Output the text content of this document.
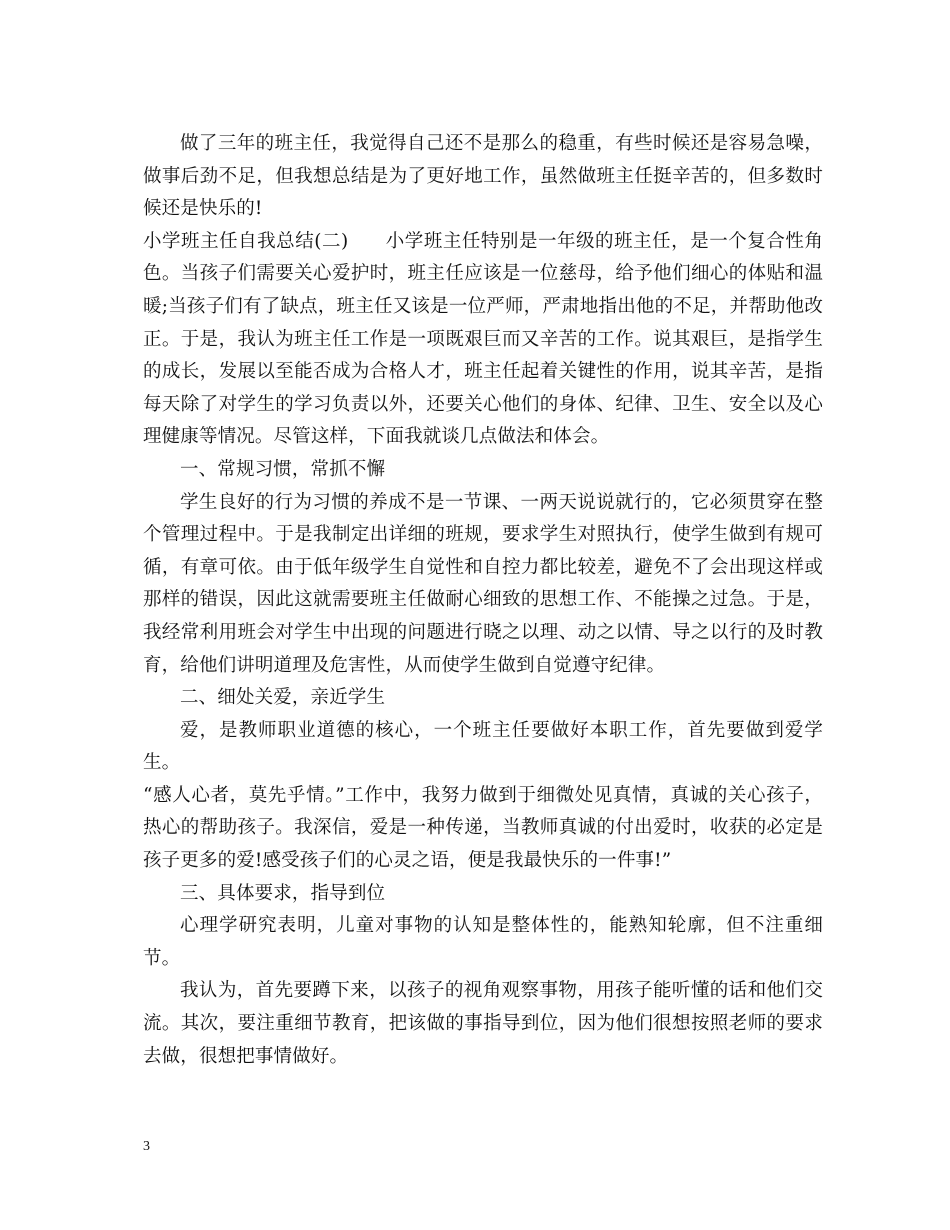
做了三年的班主任，我觉得自己还不是那么的稳重，有些时候还是容易急噪，做事后劲不足，但我想总结是为了更好地工作，虽然做班主任挺辛苦的，但多数时候还是快乐的!

小学班主任自我总结(二) 小学班主任特别是一年级的班主任，是一个复合性角色。当孩子们需要关心爱护时，班主任应该是一位慈母，给予他们细心的体贴和温暖;当孩子们有了缺点，班主任又该是一位严师，严肃地指出他的不足，并帮助他改正。于是，我认为班主任工作是一项既艰巨而又辛苦的工作。说其艰巨，是指学生的成长，发展以至能否成为合格人才，班主任起着关键性的作用，说其辛苦，是指每天除了对学生的学习负责以外，还要关心他们的身体、纪律、卫生、安全以及心理健康等情况。尽管这样，下面我就谈几点做法和体会。

一、常规习惯，常抓不懈

学生良好的行为习惯的养成不是一节课、一两天说说就行的，它必须贯穿在整个管理过程中。于是我制定出详细的班规，要求学生对照执行，使学生做到有规可循，有章可依。由于低年级学生自觉性和自控力都比较差，避免不了会出现这样或那样的错误，因此这就需要班主任做耐心细致的思想工作、不能操之过急。于是，我经常利用班会对学生中出现的问题进行晓之以理、动之以情、导之以行的及时教育，给他们讲明道理及危害性，从而使学生做到自觉遵守纪律。

二、细处关爱，亲近学生

爱，是教师职业道德的核心，一个班主任要做好本职工作，首先要做到爱学生。

“感人心者，莫先乎情。”工作中，我努力做到于细微处见真情，真诚的关心孩子，热心的帮助孩子。我深信，爱是一种传递，当教师真诚的付出爱时，收获的必定是孩子更多的爱!感受孩子们的心灵之语，便是我最快乐的一件事!”

三、具体要求，指导到位

心理学研究表明，儿童对事物的认知是整体性的，能熟知轮廓，但不注重细节。

我认为，首先要蹲下来，以孩子的视角观察事物，用孩子能听懂的话和他们交流。其次，要注重细节教育，把该做的事指导到位，因为他们很想按照老师的要求去做，很想把事情做好。

3
